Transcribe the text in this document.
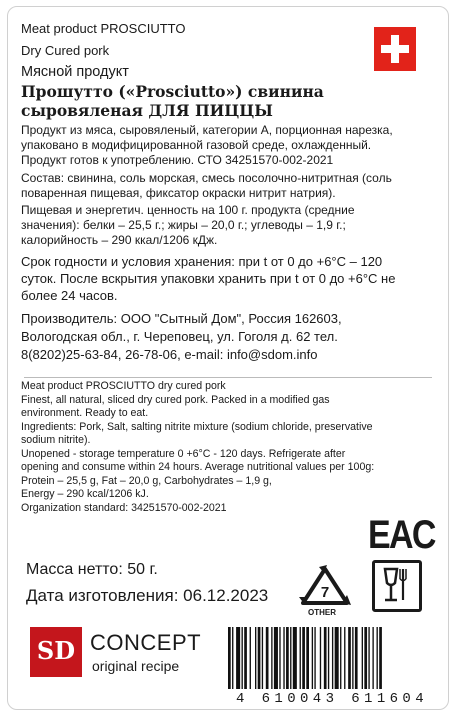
Meat product PROSCIUTTO
Dry Cured pork
Мясной продукт
Прошутто («Prosciutto») свинина
сыровяленая ДЛЯ ПИЦЦЫ
Продукт из мяса, сыровяленый, категории А, порционная нарезка,
упаковано в модифицированной газовой среде, охлажденный.
Продукт готов к употреблению. СТО 34251570-002-2021
Состав: свинина, соль морская, смесь посолочно-нитритная (соль
поваренная пищевая, фиксатор окраски нитрит натрия).
Пищевая и энергетич. ценность на 100 г. продукта (средние
значения): белки – 25,5 г.; жиры – 20,0 г.; углеводы – 1,9 г.;
калорийность – 290 ккал/1206 кДж.
Срок годности и условия хранения: при t от 0 до +6°С – 120
суток. После вскрытия упаковки хранить при t от 0 до +6°С не
более 24 часов.
Производитель: ООО "Сытный Дом", Россия 162603,
Вологодская обл., г. Череповец, ул. Гоголя д. 62 тел.
8(8202)25-63-84, 26-78-06, e-mail: info@sdom.info
Meat product PROSCIUTTO dry cured pork
Finest, all natural, sliced dry cured pork. Packed in a modified gas
environment. Ready to eat.
Ingredients: Pork, Salt, salting nitrite mixture (sodium chloride, preservative
sodium nitrite).
Unopened - storage temperature 0 +6°C - 120 days. Refrigerate after
opening and consume within 24 hours. Average nutritional values per 100g:
Protein – 25,5 g, Fat – 20,0 g, Carbohydrates – 1,9 g,
Energy – 290 kcal/1206 kJ.
Organization standard: 34251570-002-2021
EAC
Масса нетто: 50 г.
Дата изготовления: 06.12.2023	7
OTHER
SD CONCEPT
original recipe
4 610043 611604
